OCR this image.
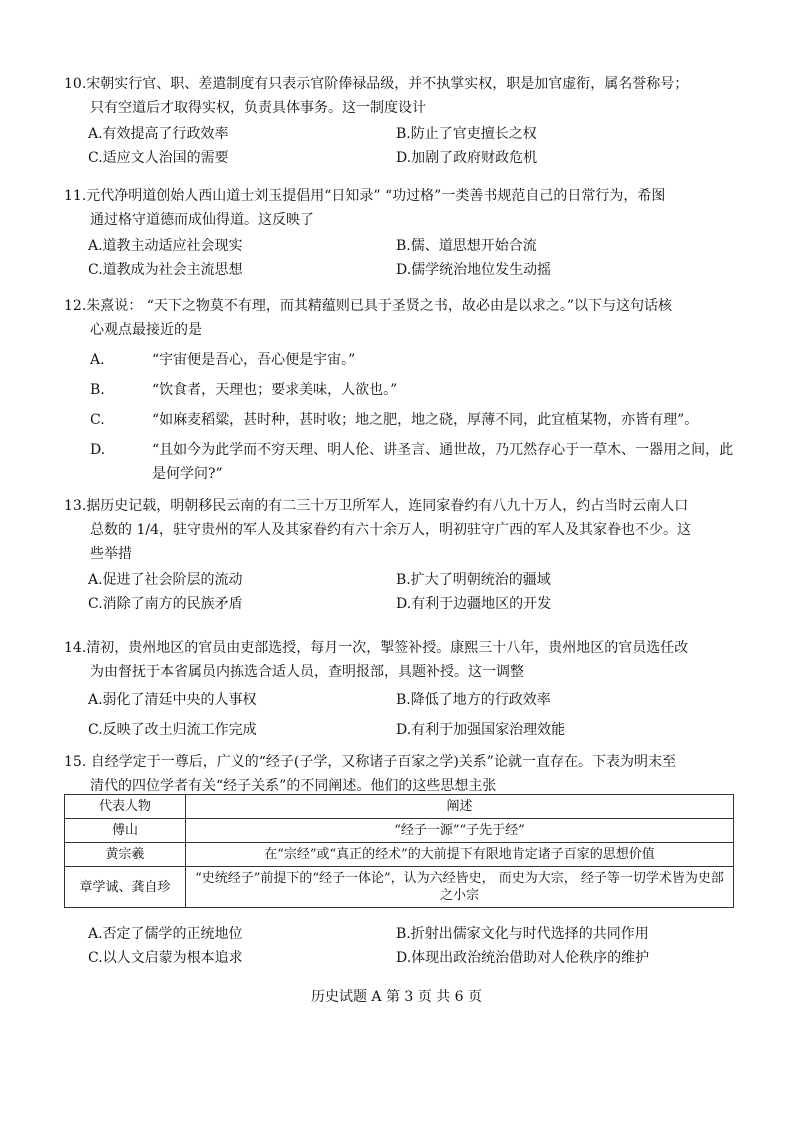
10.宋朝实行官、职、差遣制度有只表示官阶俸禄品级，并不执掌实权，职是加官虚衔，属名誉称号；
只有空道后才取得实权，负责具体事务。这一制度设计

A.有效提高了行政效率	B.防止了官吏擅长之权
C.适应文人治国的需要	D.加剧了政府财政危机

11.元代净明道创始人西山道士刘玉提倡用“日知录” “功过格”一类善书规范自己的日常行为，希图
通过格守道德而成仙得道。这反映了

A.道教主动适应社会现实	B.儒、道思想开始合流
C.道教成为社会主流思想	D.儒学统治地位发生动摇

12.朱熹说： “天下之物莫不有理，而其精蕴则已具于圣贤之书，故必由是以求之。”以下与这句话核
心观点最接近的是

A.	“宇宙便是吾心，吾心便是宇宙。”
B.	“饮食者，天理也；要求美味，人欲也。”
C.	“如麻麦稻粱，甚时种，甚时收；地之肥，地之硗，厚薄不同，此宜植某物，亦皆有理”。
D.	“且如今为此学而不穷天理、明人伦、讲圣言、通世故，乃兀然存心于一草木、一器用之间，此是何学问?”

13.据历史记载，明朝移民云南的有二三十万卫所军人，连同家眷约有八九十万人，约占当时云南人口
总数的 1/4，驻守贵州的军人及其家眷约有六十余万人，明初驻守广西的军人及其家眷也不少。这
些举措

A.促进了社会阶层的流动	B.扩大了明朝统治的疆域
C.消除了南方的民族矛盾	D.有利于边疆地区的开发

14.清初，贵州地区的官员由吏部选授，每月一次，掣签补授。康熙三十八年，贵州地区的官员选任改
为由督抚于本省属员内拣选合适人员，查明报部，具题补授。这一调整

A.弱化了清廷中央的人事权	B.降低了地方的行政效率
C.反映了改土归流工作完成	D.有利于加强国家治理效能

15. 自经学定于一尊后，广义的“经子(子学，又称诸子百家之学)关系”论就一直存在。下表为明末至
清代的四位学者有关“经子关系”的不同阐述。他们的这些思想主张

代表人物	阐述
傅山	“经子一源”“子先于经”
黄宗羲	在“宗经”或“真正的经术”的大前提下有限地肯定诸子百家的思想价值
章学诚、龚自珍	“史统经子”前提下的“经子一体论”，认为六经皆史， 而史为大宗， 经子等一切学术皆为史部之小宗
A.否定了儒学的正统地位	B.折射出儒家文化与时代选择的共同作用
C.以人文启蒙为根本追求	D.体现出政治统治借助对人伦秩序的维护
历史试题 A 第 3 页 共 6 页
